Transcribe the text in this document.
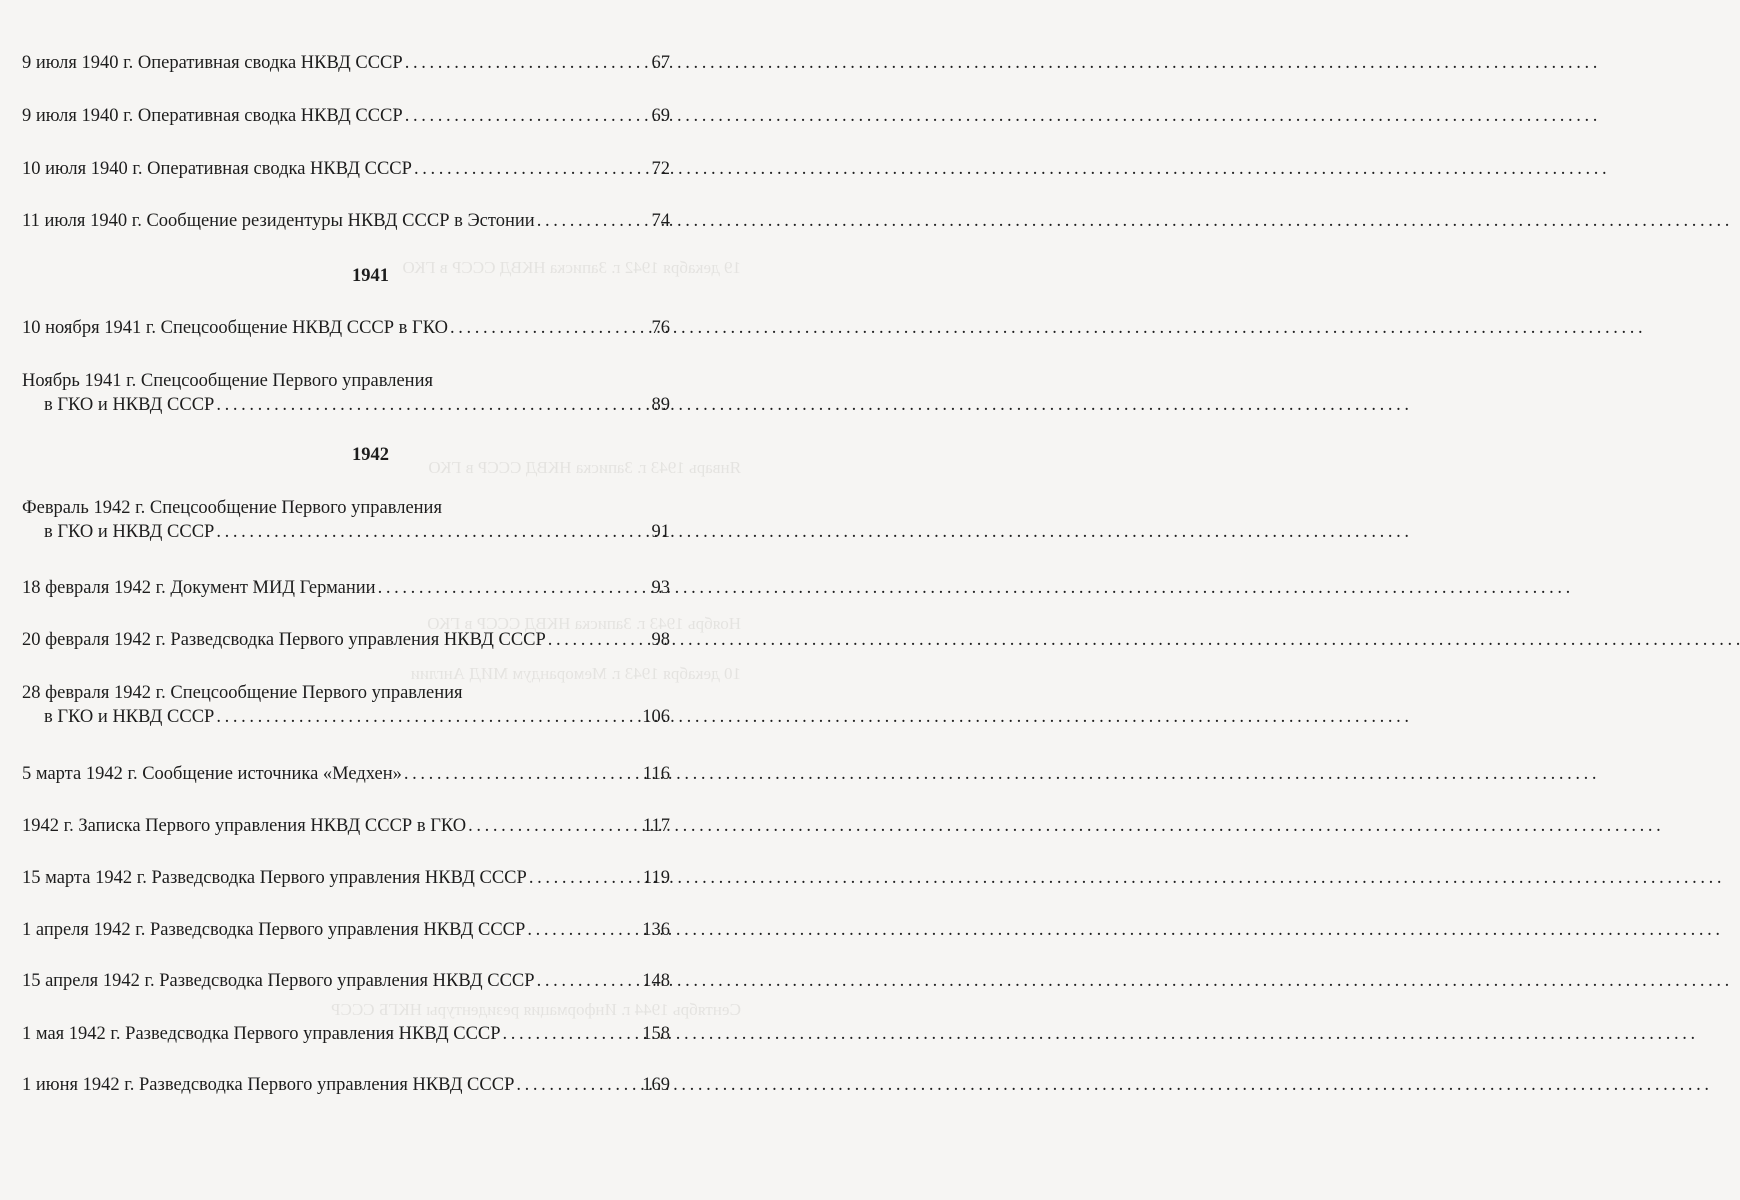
19 декабря 1942 г. Записка НКВД СССР в ГКО
Январь 1943 г. Записка НКВД СССР в ГКО
Ноябрь 1943 г. Записка НКВД СССР в ГКО
10 декабря 1943 г. Меморандум МИД Англии
Сентябрь 1944 г. Информация резидентуры НКГБ СССР
9 июля 1940 г. Оперативная сводка НКВД СССР . . .	67
9 июля 1940 г. Оперативная сводка НКВД СССР . . .	69
10 июля 1940 г. Оперативная сводка НКВД СССР . . .	72
11 июля 1940 г. Сообщение резидентуры НКВД СССР в Эстонии . . .	74
1941
10 ноября 1941 г. Спецсообщение НКВД СССР в ГКО . . .	76
Ноябрь 1941 г. Спецсообщение Первого управления
в ГКО и НКВД СССР . . .	89
1942
Февраль 1942 г. Спецсообщение Первого управления
в ГКО и НКВД СССР . . .	91
18 февраля 1942 г. Документ МИД Германии . . .	93
20 февраля 1942 г. Разведсводка Первого управления НКВД СССР . . .	98
28 февраля 1942 г. Спецсообщение Первого управления
в ГКО и НКВД СССР . . .	106
5 марта 1942 г. Сообщение источника «Медхен» . . .	116
1942 г. Записка Первого управления НКВД СССР в ГКО . . .	117
15 марта 1942 г. Разведсводка Первого управления НКВД СССР . . .	119
1 апреля 1942 г. Разведсводка Первого управления НКВД СССР . . .	136
15 апреля 1942 г. Разведсводка Первого управления НКВД СССР . . .	148
1 мая 1942 г. Разведсводка Первого управления НКВД СССР . . .	158
1 июня 1942 г. Разведсводка Первого управления НКВД СССР . . .	169
